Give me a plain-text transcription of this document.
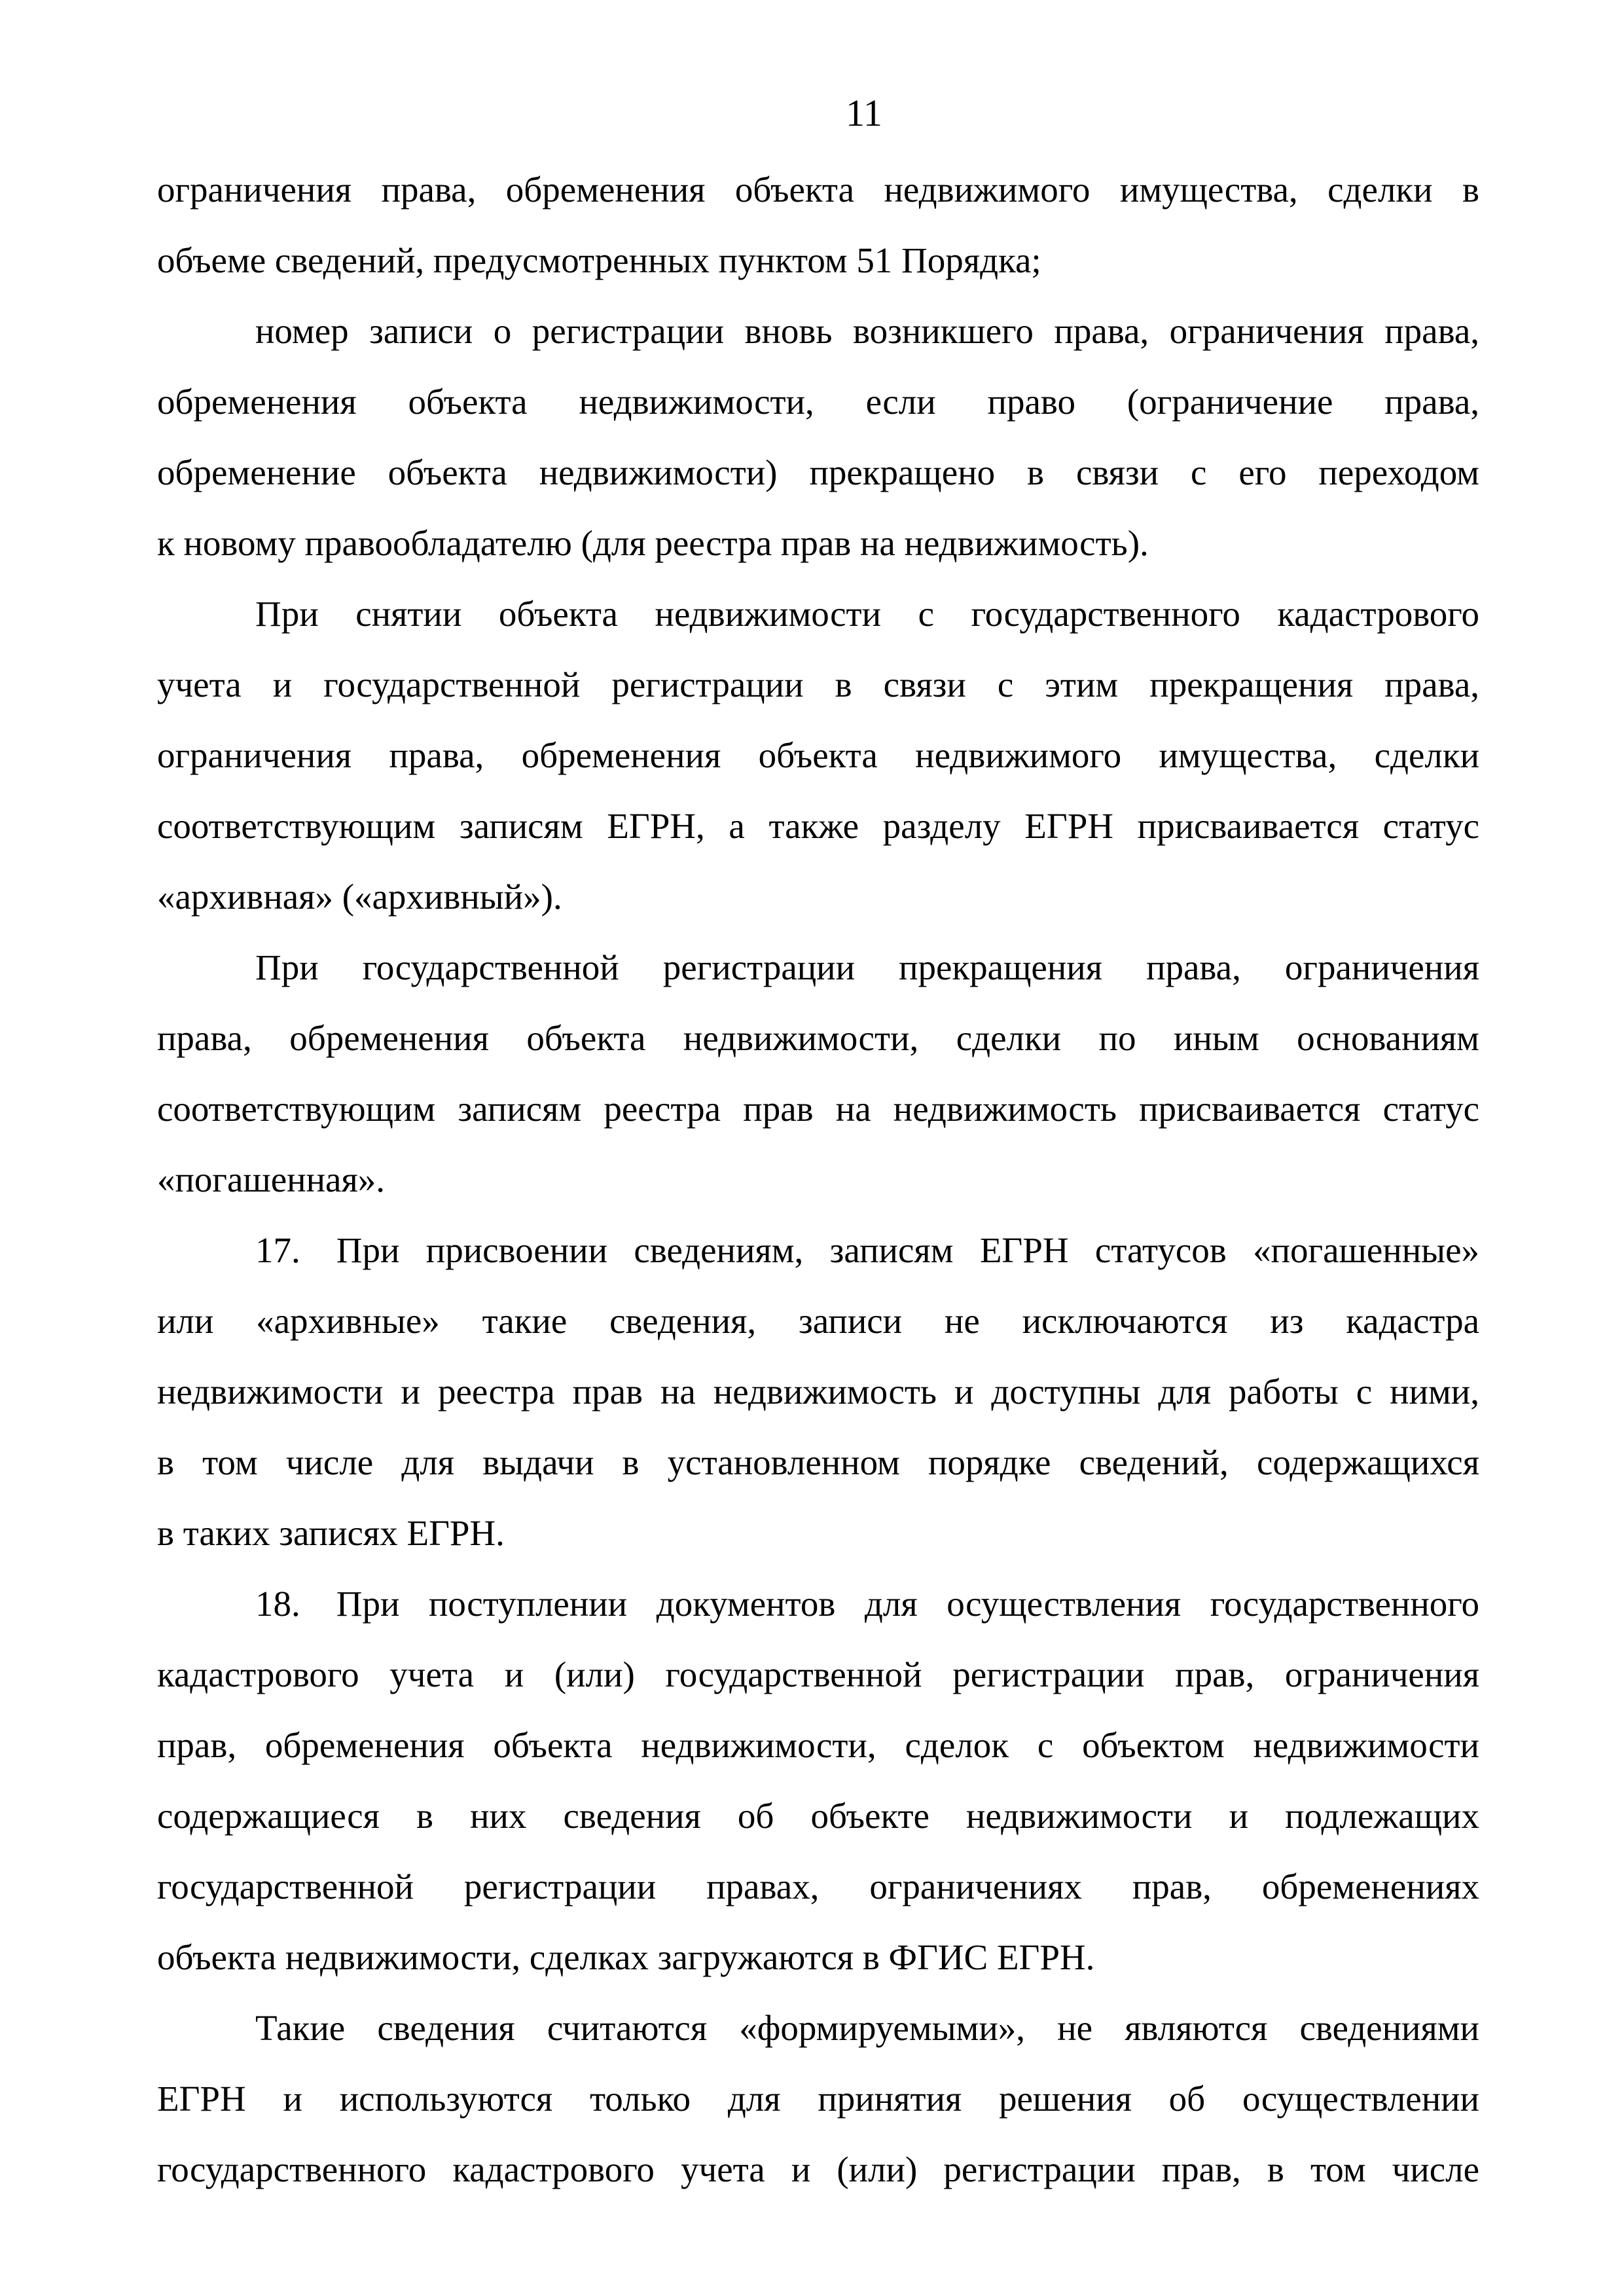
11
ограничения права, обременения объекта недвижимого имущества, сделки в
объеме сведений, предусмотренных пунктом 51 Порядка;
номер записи о регистрации вновь возникшего права, ограничения права,
обременения объекта недвижимости, если право (ограничение права,
обременение объекта недвижимости) прекращено в связи с его переходом
к новому правообладателю (для реестра прав на недвижимость).
При снятии объекта недвижимости с государственного кадастрового
учета и государственной регистрации в связи с этим прекращения права,
ограничения права, обременения объекта недвижимого имущества, сделки
соответствующим записям ЕГРН, а также разделу ЕГРН присваивается статус
«архивная» («архивный»).
При государственной регистрации прекращения права, ограничения
права, обременения объекта недвижимости, сделки по иным основаниям
соответствующим записям реестра прав на недвижимость присваивается статус
«погашенная».
17. При присвоении сведениям, записям ЕГРН статусов «погашенные»
или «архивные» такие сведения, записи не исключаются из кадастра
недвижимости и реестра прав на недвижимость и доступны для работы с ними,
в том числе для выдачи в установленном порядке сведений, содержащихся
в таких записях ЕГРН.
18. При поступлении документов для осуществления государственного
кадастрового учета и (или) государственной регистрации прав, ограничения
прав, обременения объекта недвижимости, сделок с объектом недвижимости
содержащиеся в них сведения об объекте недвижимости и подлежащих
государственной регистрации правах, ограничениях прав, обременениях
объекта недвижимости, сделках загружаются в ФГИС ЕГРН.
Такие сведения считаются «формируемыми», не являются сведениями
ЕГРН и используются только для принятия решения об осуществлении
государственного кадастрового учета и (или) регистрации прав, в том числе
